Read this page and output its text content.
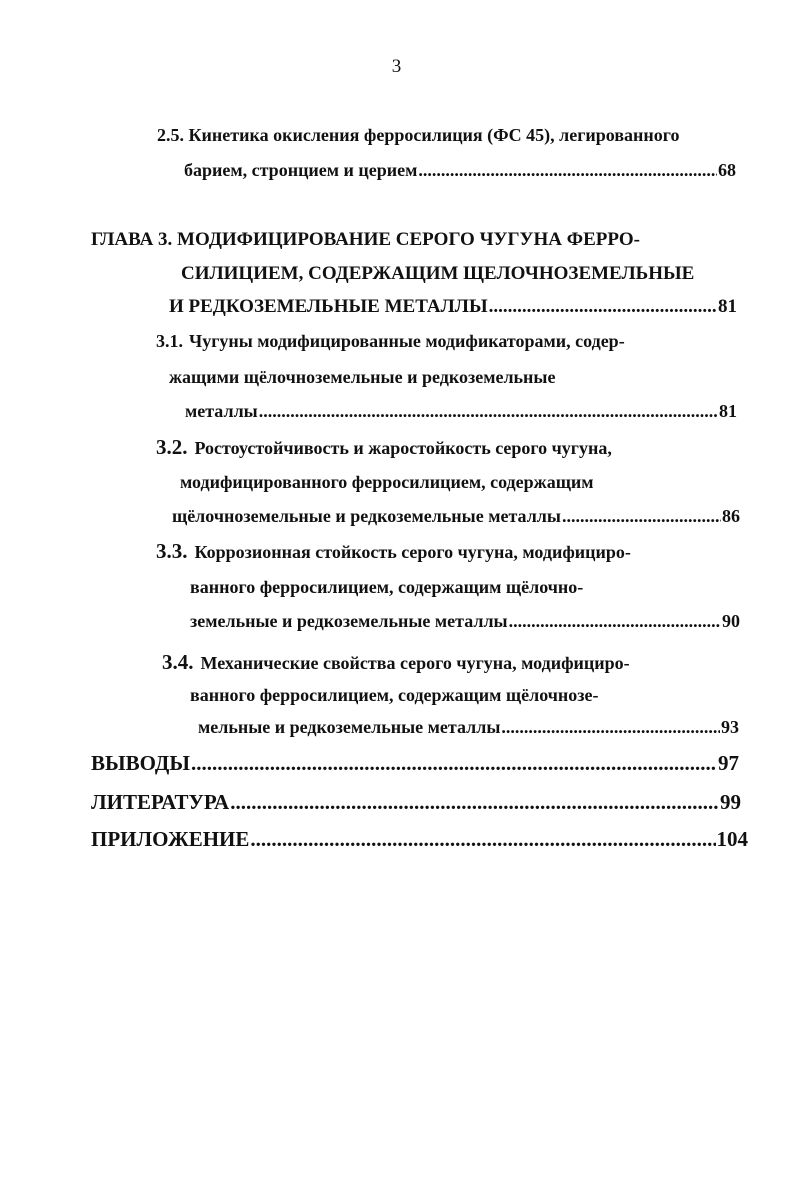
3
2.5. Кинетика окисления ферросилиция (ФС 45), легированного
барием, стронцием и церием .....	68
ГЛАВА 3. МОДИФИЦИРОВАНИЕ СЕРОГО ЧУГУНА ФЕРРО-
СИЛИЦИЕМ, СОДЕРЖАЩИМ ЩЕЛОЧНОЗЕМЕЛЬНЫЕ
И РЕДКОЗЕМЕЛЬНЫЕ МЕТАЛЛЫ .....	81
3.1. Чугуны модифицированные модификаторами, содер-
жащими щёлочноземельные и редкоземельные
металлы .....	81
3.2. Ростоустойчивость и жаростойкость серого чугуна,
модифицированного ферросилицием, содержащим
щёлочноземельные и редкоземельные металлы .....	86
3.3. Коррозионная стойкость серого чугуна, модифициро-
ванного ферросилицием, содержащим щёлочно-
земельные и редкоземельные металлы .....	90
3.4. Механические свойства серого чугуна, модифициро-
ванного ферросилицием, содержащим щёлочнозе-
мельные и редкоземельные металлы .....	93
ВЫВОДЫ .....	97
ЛИТЕРАТУРА .....	99
ПРИЛОЖЕНИЕ .....	104
